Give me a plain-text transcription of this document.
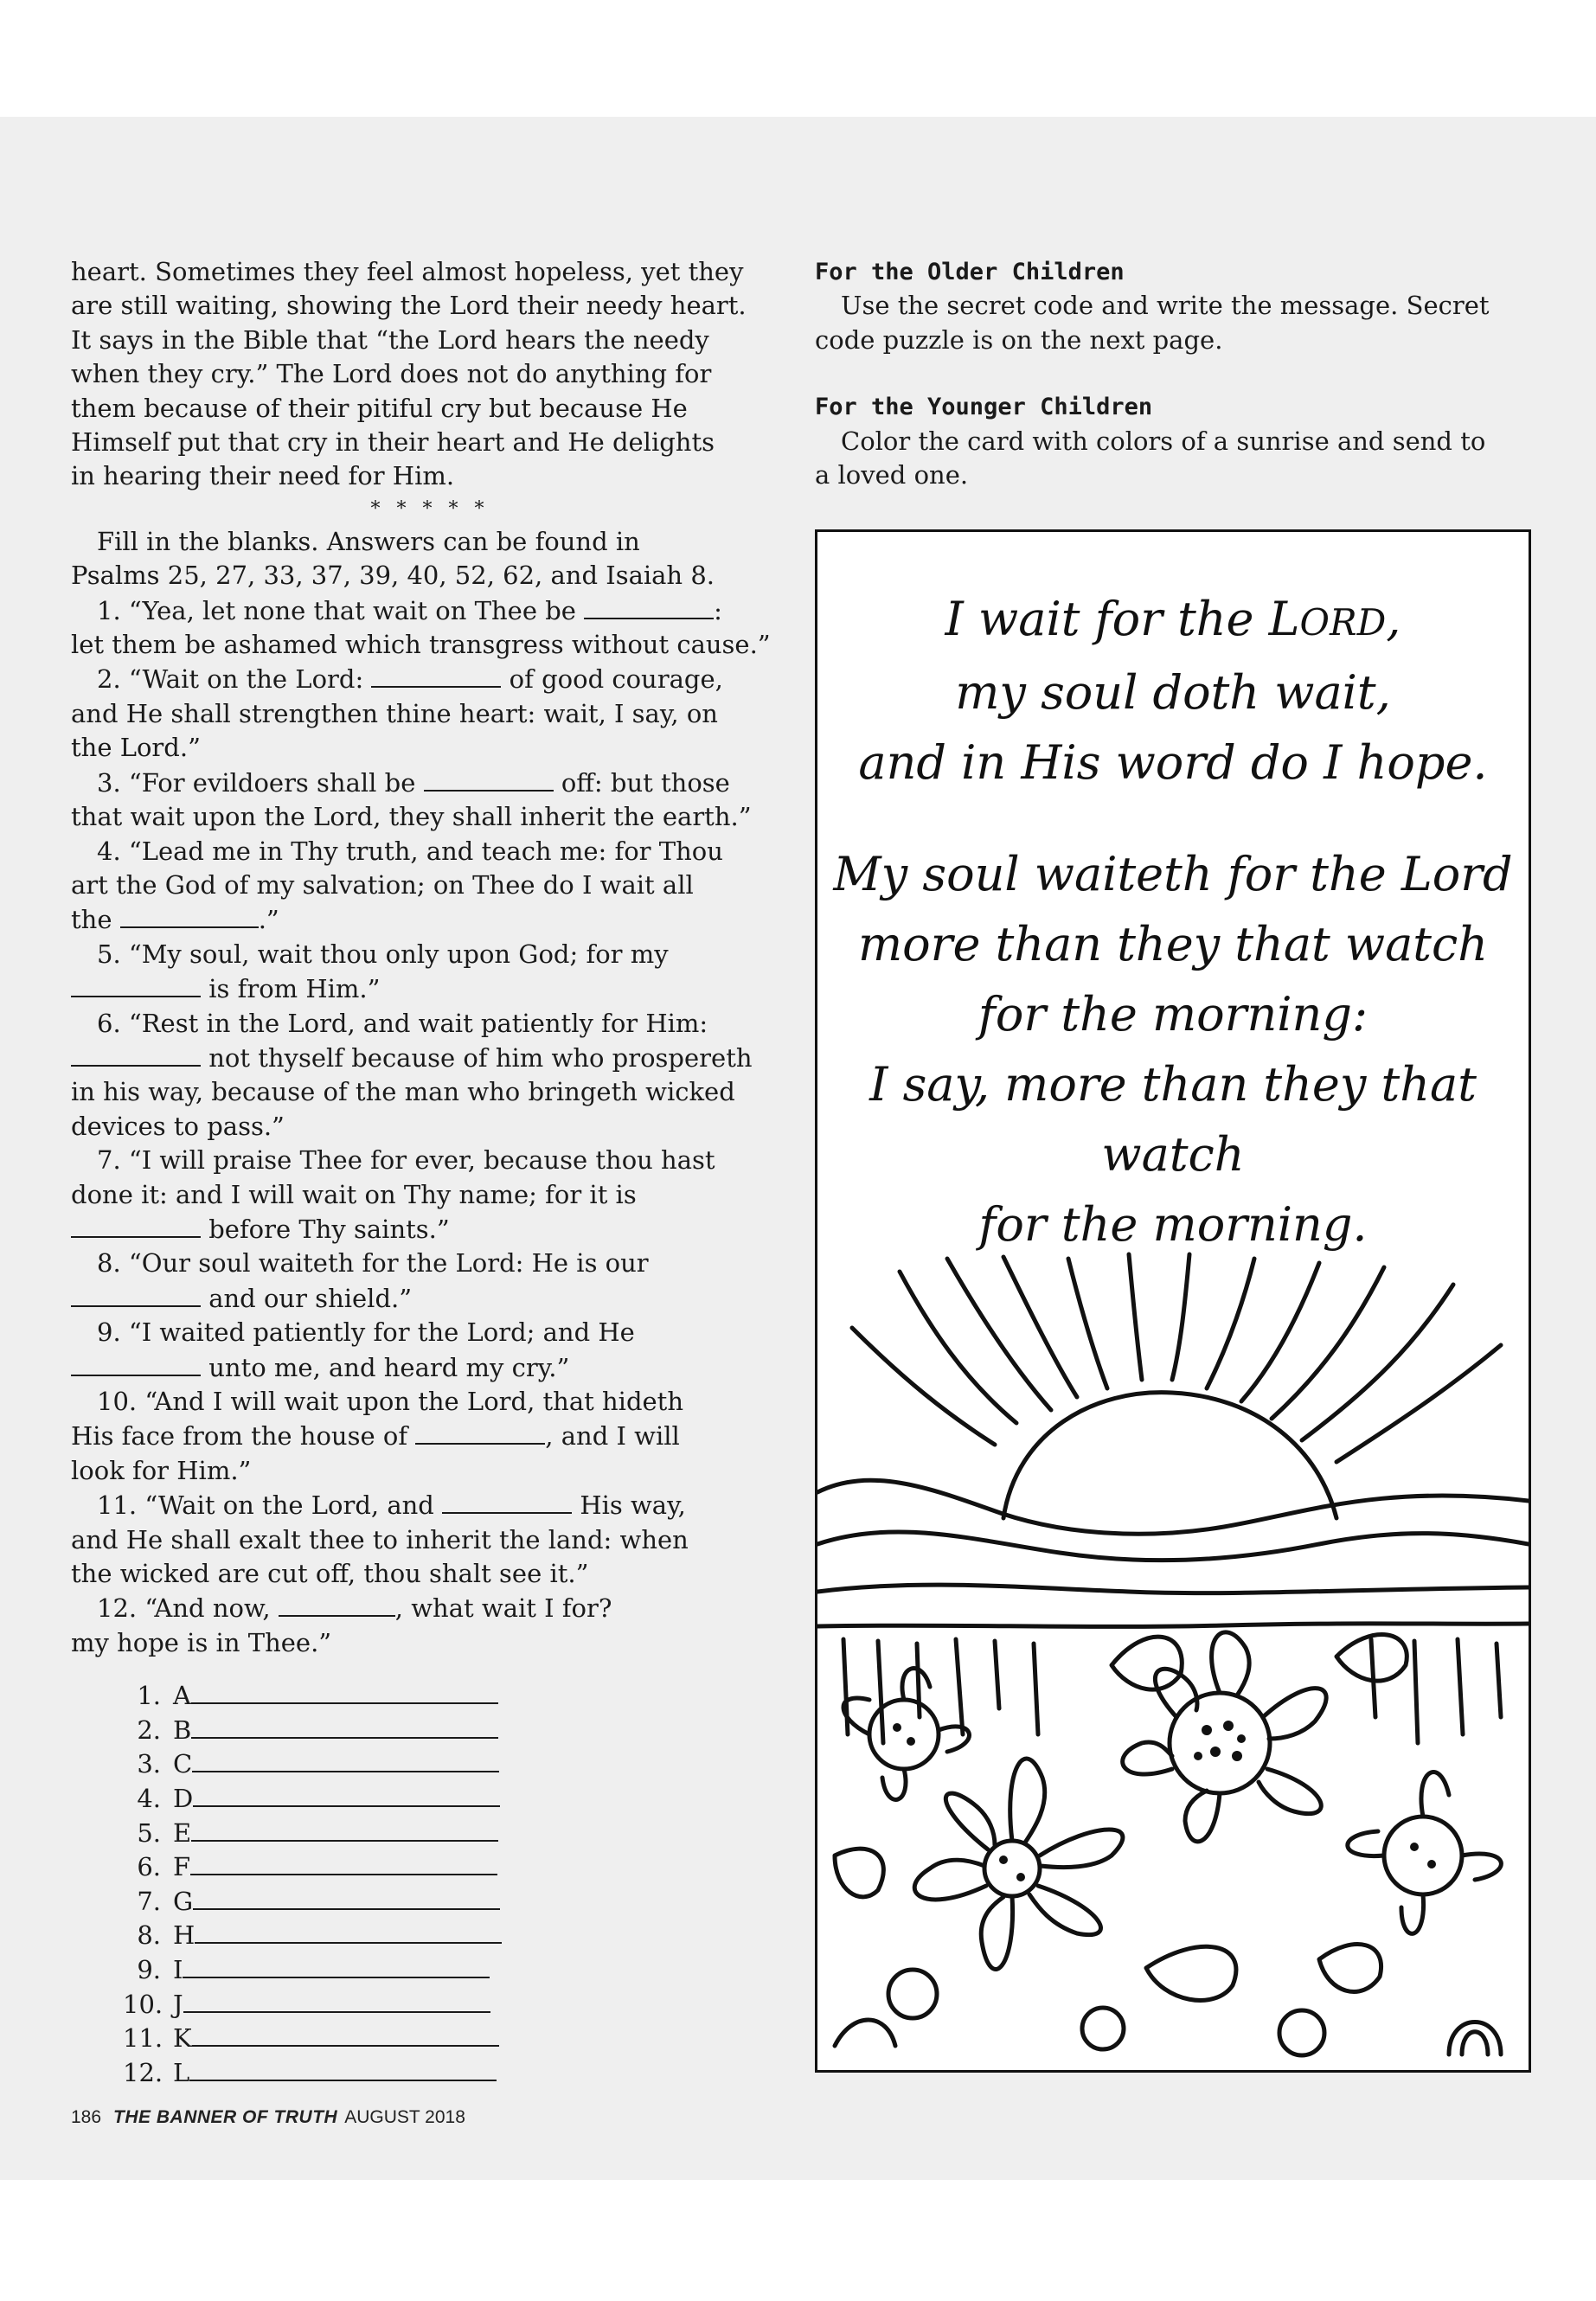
heart. Sometimes they feel almost hopeless, yet they
are still waiting, showing the Lord their needy heart.
It says in the Bible that “the Lord hears the needy
when they cry.” The Lord does not do anything for
them because of their pitiful cry but because He
Himself put that cry in their heart and He delights
in hearing their need for Him.

* * * * *

Fill in the blanks. Answers can be found in
Psalms 25, 27, 33, 37, 39, 40, 52, 62, and Isaiah 8.

1. “Yea, let none that wait on Thee be	:
let them be ashamed which transgress without cause.”

2. “Wait on the Lord:	of good courage,
and He shall strengthen thine heart: wait, I say, on
the Lord.”

3. “For evildoers shall be	off: but those
that wait upon the Lord, they shall inherit the earth.”

4. “Lead me in Thy truth, and teach me: for Thou
art the God of my salvation; on Thee do I wait all
the	.”

5. “My soul, wait thou only upon God; for my
is from Him.”

6. “Rest in the Lord, and wait patiently for Him:
not thyself because of him who prospereth
in his way, because of the man who bringeth wicked
devices to pass.”

7. “I will praise Thee for ever, because thou hast
done it: and I will wait on Thy name; for it is
before Thy saints.”

8. “Our soul waiteth for the Lord: He is our
and our shield.”

9. “I waited patiently for the Lord; and He
unto me, and heard my cry.”

10. “And I will wait upon the Lord, that hideth
His face from the house of	, and I will
look for Him.”

11. “Wait on the Lord, and	His way,
and He shall exalt thee to inherit the land: when
the wicked are cut off, thou shalt see it.”

12. “And now,	, what wait I for?
my hope is in Thee.”

1. A
2. B
3. C
4. D
5. E
6. F
7. G
8. H
9. I
10. J
11. K
12. L

For the Older Children

Use the secret code and write the message. Secret
code puzzle is on the next page.

For the Younger Children

Color the card with colors of a sunrise and send to
a loved one.

I wait for the LORD,
my soul doth wait,
and in His word do I hope.
My soul waiteth for the Lord
more than they that watch
for the morning:
I say, more than they that watch
for the morning.
186 THE BANNER OF TRUTH AUGUST 2018
